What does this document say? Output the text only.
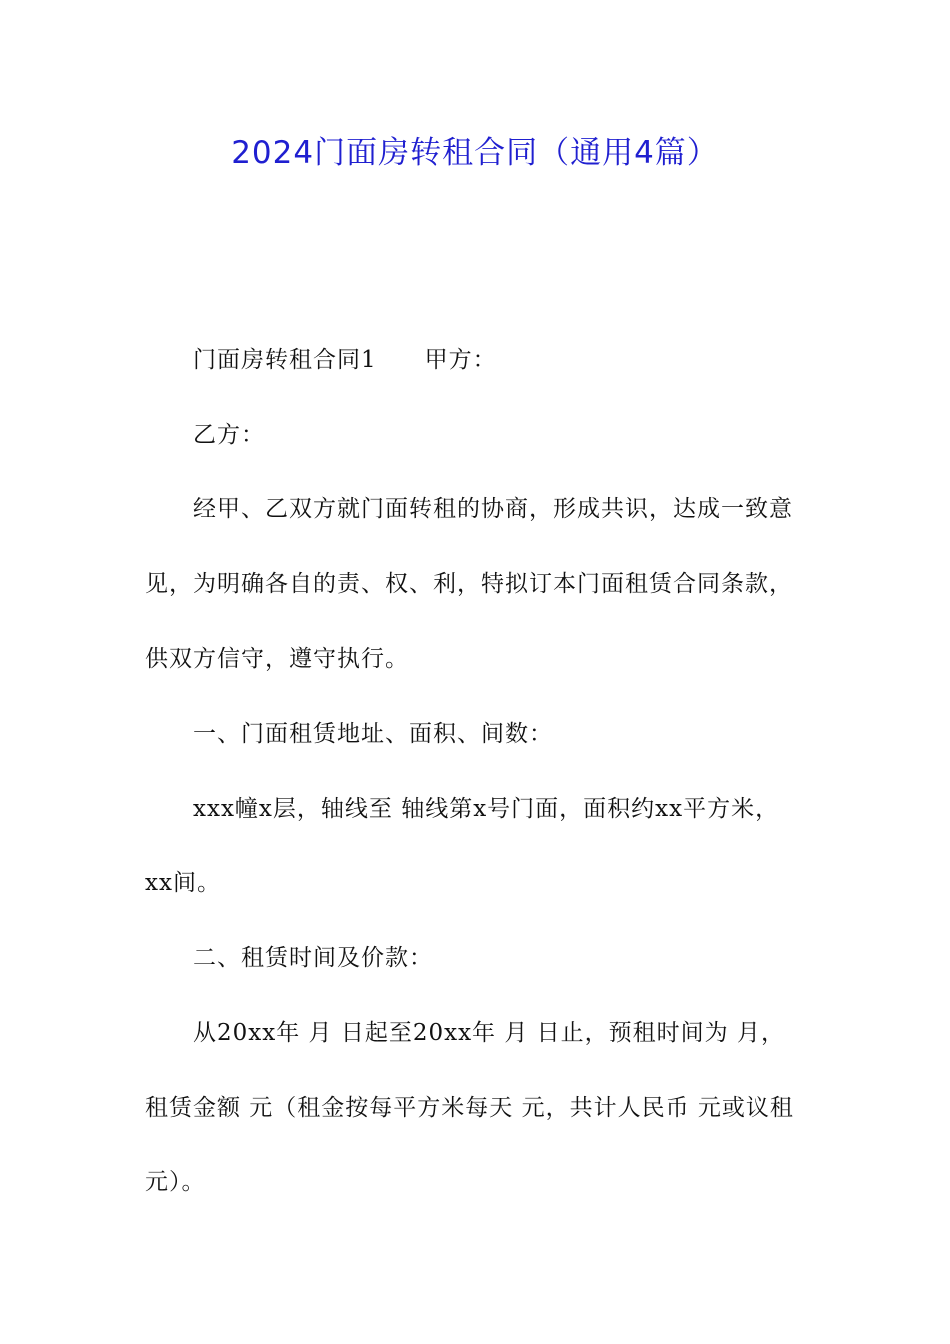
2024门面房转租合同（通用4篇）
门面房转租合同1　　甲方：
乙方：
经甲、乙双方就门面转租的协商，形成共识，达成一致意
见，为明确各自的责、权、利，特拟订本门面租赁合同条款，
供双方信守，遵守执行。
一、门面租赁地址、面积、间数：
xxx幢x层，轴线至 轴线第x号门面，面积约xx平方米，
xx间。
二、租赁时间及价款：
从20xx年 月 日起至20xx年 月 日止，预租时间为 月，
租赁金额 元（租金按每平方米每天 元，共计人民币 元或议租
元）。
